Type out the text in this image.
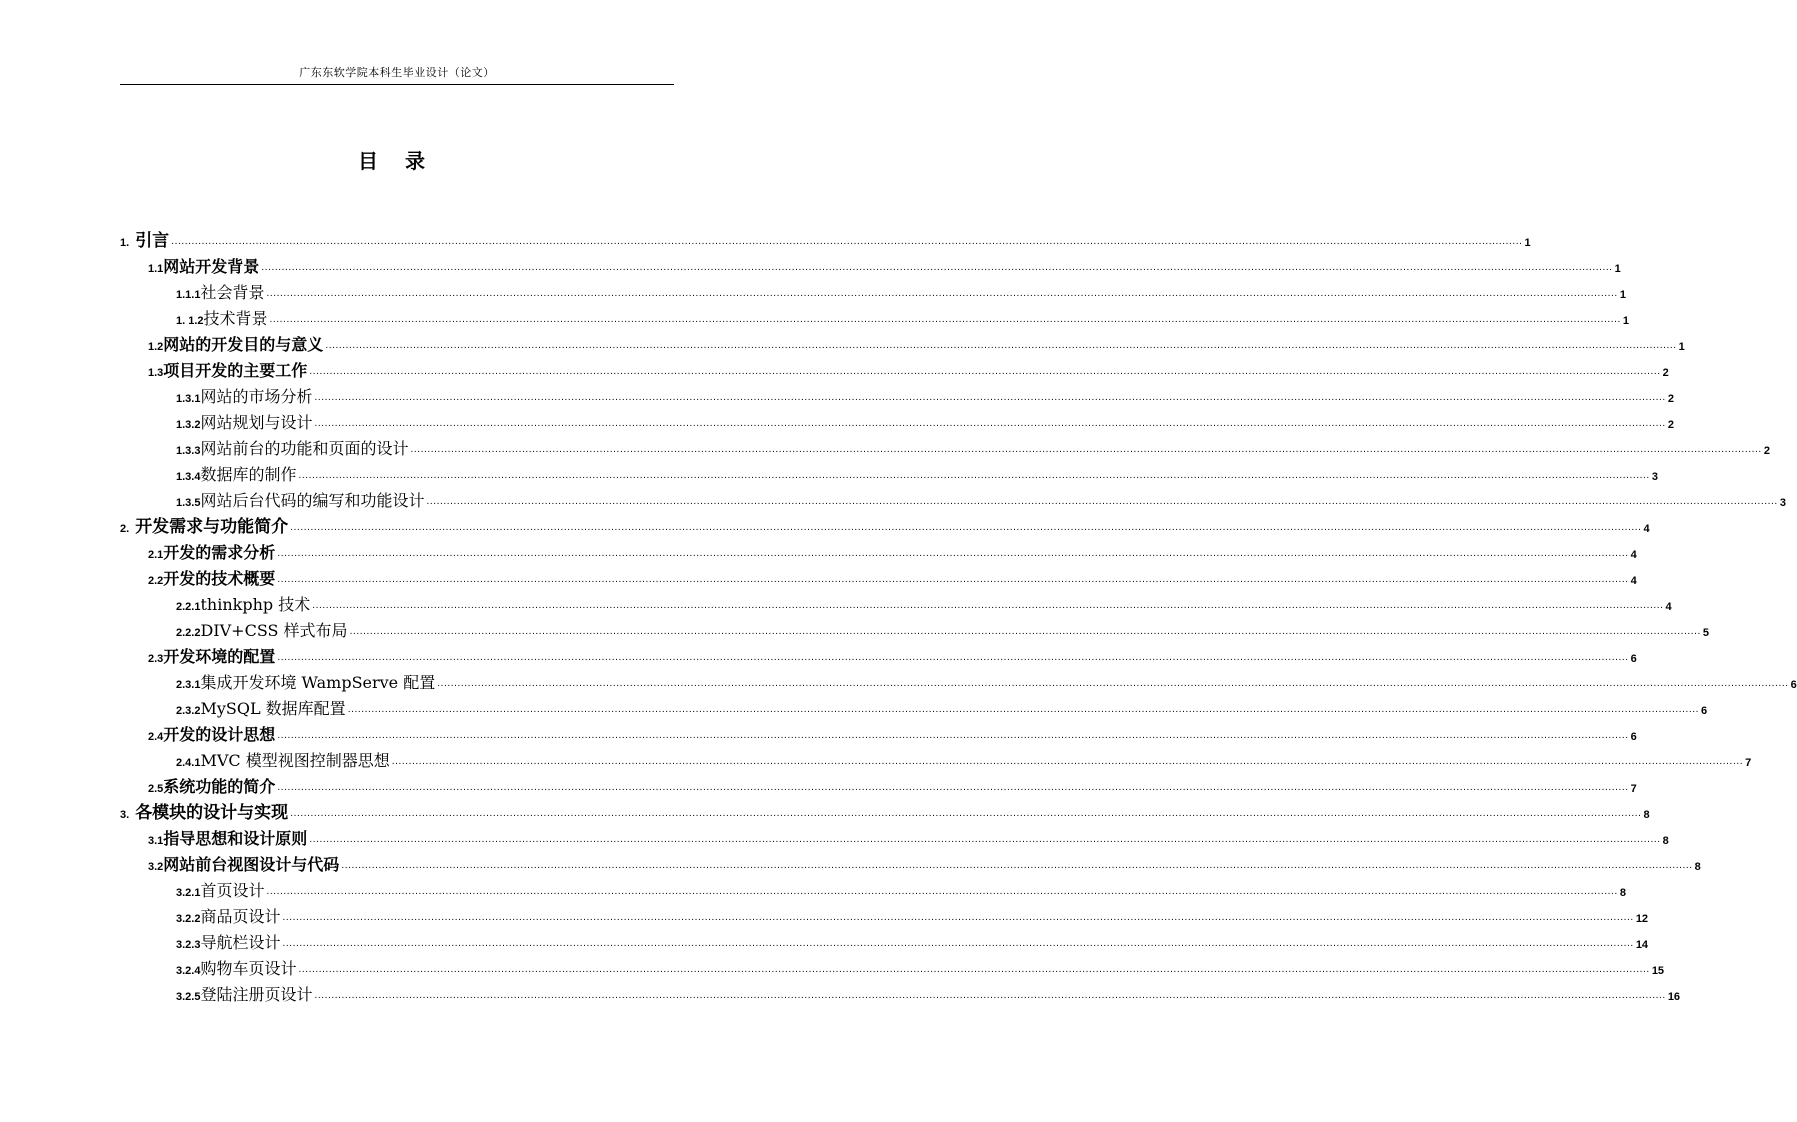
广东东软学院本科生毕业设计（论文）
目 录
1. 引言 ................................................................................................................................................................................................................................................................................................................................................................................................................ 1
1.1 网站开发背景 ................................................................................................................................................................................................................................................................................................................................................................................................................ 1
1.1.1 社会背景 ................................................................................................................................................................................................................................................................................................................................................................................................................ 1
1. 1.2 技术背景 ................................................................................................................................................................................................................................................................................................................................................................................................................ 1
1.2 网站的开发目的与意义 ................................................................................................................................................................................................................................................................................................................................................................................................................ 1
1.3 项目开发的主要工作 ................................................................................................................................................................................................................................................................................................................................................................................................................ 2
1.3.1 网站的市场分析 ................................................................................................................................................................................................................................................................................................................................................................................................................ 2
1.3.2 网站规划与设计 ................................................................................................................................................................................................................................................................................................................................................................................................................ 2
1.3.3 网站前台的功能和页面的设计 ................................................................................................................................................................................................................................................................................................................................................................................................................ 2
1.3.4 数据库的制作 ................................................................................................................................................................................................................................................................................................................................................................................................................ 3
1.3.5 网站后台代码的编写和功能设计 ................................................................................................................................................................................................................................................................................................................................................................................................................ 3
2. 开发需求与功能简介 ................................................................................................................................................................................................................................................................................................................................................................................................................ 4
2.1 开发的需求分析 ................................................................................................................................................................................................................................................................................................................................................................................................................ 4
2.2 开发的技术概要 ................................................................................................................................................................................................................................................................................................................................................................................................................ 4
2.2.1 thinkphp 技术 ................................................................................................................................................................................................................................................................................................................................................................................................................ 4
2.2.2 DIV+CSS 样式布局 ................................................................................................................................................................................................................................................................................................................................................................................................................ 5
2.3 开发环境的配置 ................................................................................................................................................................................................................................................................................................................................................................................................................ 6
2.3.1 集成开发环境 WampServe 配置 ................................................................................................................................................................................................................................................................................................................................................................................................................ 6
2.3.2 MySQL 数据库配置 ................................................................................................................................................................................................................................................................................................................................................................................................................ 6
2.4 开发的设计思想 ................................................................................................................................................................................................................................................................................................................................................................................................................ 6
2.4.1 MVC 模型视图控制器思想 ................................................................................................................................................................................................................................................................................................................................................................................................................ 7
2.5 系统功能的简介 ................................................................................................................................................................................................................................................................................................................................................................................................................ 7
3. 各模块的设计与实现 ................................................................................................................................................................................................................................................................................................................................................................................................................ 8
3.1 指导思想和设计原则 ................................................................................................................................................................................................................................................................................................................................................................................................................ 8
3.2 网站前台视图设计与代码 ................................................................................................................................................................................................................................................................................................................................................................................................................ 8
3.2.1 首页设计 ................................................................................................................................................................................................................................................................................................................................................................................................................ 8
3.2.2 商品页设计 ................................................................................................................................................................................................................................................................................................................................................................................................................ 12
3.2.3 导航栏设计 ................................................................................................................................................................................................................................................................................................................................................................................................................ 14
3.2.4 购物车页设计 ................................................................................................................................................................................................................................................................................................................................................................................................................ 15
3.2.5 登陆注册页设计 ................................................................................................................................................................................................................................................................................................................................................................................................................ 16
